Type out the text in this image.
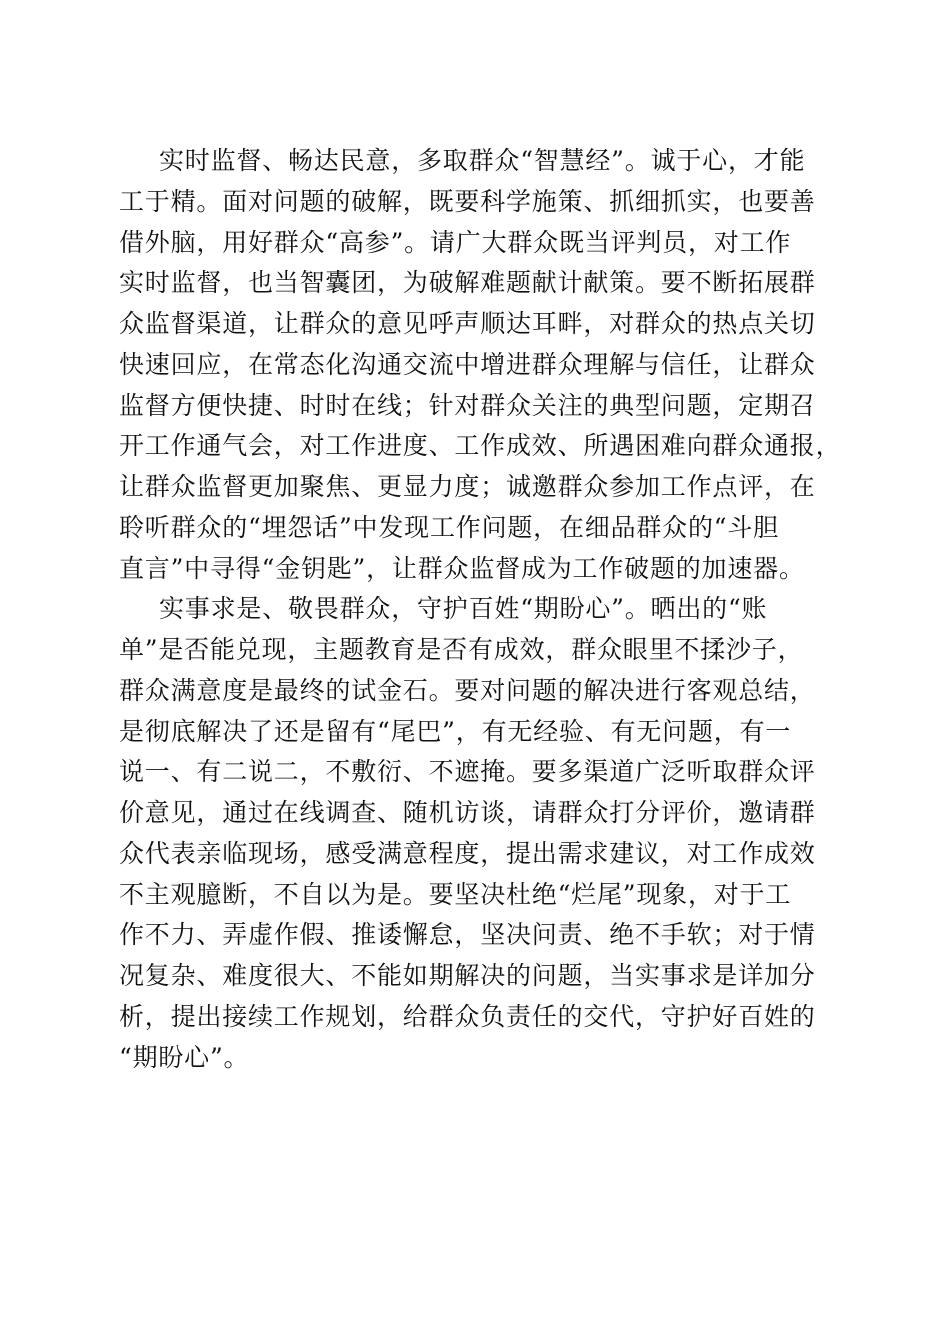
实时监督、畅达民意，多取群众“智慧经”。诚于心，才能
工于精。面对问题的破解，既要科学施策、抓细抓实，也要善
借外脑，用好群众“高参”。请广大群众既当评判员，对工作
实时监督，也当智囊团，为破解难题献计献策。要不断拓展群
众监督渠道，让群众的意见呼声顺达耳畔，对群众的热点关切
快速回应，在常态化沟通交流中增进群众理解与信任，让群众
监督方便快捷、时时在线；针对群众关注的典型问题，定期召
开工作通气会，对工作进度、工作成效、所遇困难向群众通报，
让群众监督更加聚焦、更显力度；诚邀群众参加工作点评，在
聆听群众的“埋怨话”中发现工作问题，在细品群众的“斗胆
直言”中寻得“金钥匙”，让群众监督成为工作破题的加速器。
实事求是、敬畏群众，守护百姓“期盼心”。晒出的“账
单”是否能兑现，主题教育是否有成效，群众眼里不揉沙子，
群众满意度是最终的试金石。要对问题的解决进行客观总结，
是彻底解决了还是留有“尾巴”，有无经验、有无问题，有一
说一、有二说二，不敷衍、不遮掩。要多渠道广泛听取群众评
价意见，通过在线调查、随机访谈，请群众打分评价，邀请群
众代表亲临现场，感受满意程度，提出需求建议，对工作成效
不主观臆断，不自以为是。要坚决杜绝“烂尾”现象，对于工
作不力、弄虚作假、推诿懈怠，坚决问责、绝不手软；对于情
况复杂、难度很大、不能如期解决的问题，当实事求是详加分
析，提出接续工作规划，给群众负责任的交代，守护好百姓的
“期盼心”。
